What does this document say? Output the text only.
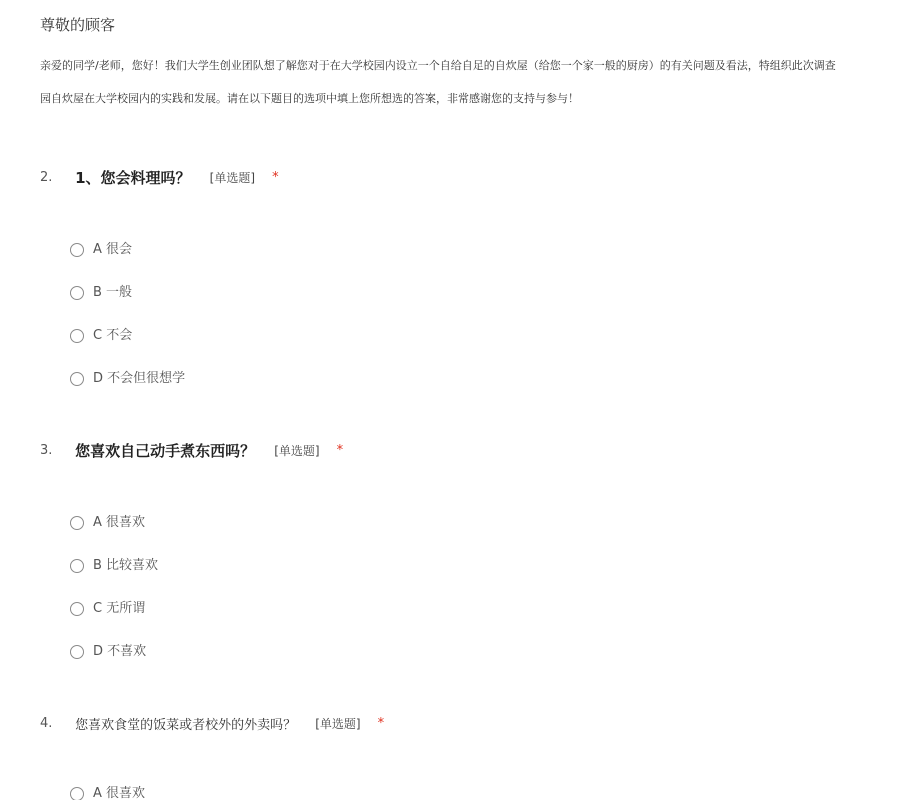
尊敬的顾客
亲爱的同学/老师，您好！我们大学生创业团队想了解您对于在大学校园内设立一个自给自足的自炊屋（给您一个家一般的厨房）的有关问题及看法，特组织此次调查
园自炊屋在大学校园内的实践和发展。请在以下题目的选项中填上您所想选的答案，非常感谢您的支持与参与！
2. 1、您会料理吗？ [单选题] *
A 很会
B 一般
C 不会
D 不会但很想学
3. 您喜欢自己动手煮东西吗？ [单选题] *
A 很喜欢
B 比较喜欢
C 无所谓
D 不喜欢
4. 您喜欢食堂的饭菜或者校外的外卖吗？ [单选题] *
A 很喜欢
